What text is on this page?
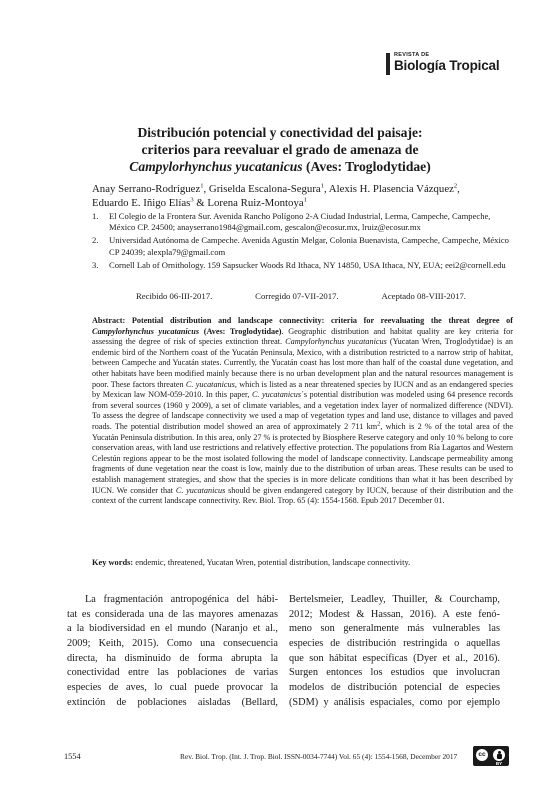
REVISTA DE
Biología Tropical
Distribución potencial y conectividad del paisaje:
criterios para reevaluar el grado de amenaza de
Campylorhynchus yucatanicus (Aves: Troglodytidae)
Anay Serrano-Rodríguez$^1$, Griselda Escalona-Segura$^1$, Alexis H. Plasencia Vázquez$^2$,
Eduardo E. Iñigo Elías$^3$ & Lorena Ruiz-Montoya$^1$
1. El Colegio de la Frontera Sur. Avenida Rancho Polígono 2-A Ciudad Industrial, Lerma, Campeche, Campeche, México CP. 24500; anayserrano1984@gmail.com, gescalon@ecosur.mx, lruiz@ecosur.mx
2. Universidad Autónoma de Campeche. Avenida Agustín Melgar, Colonia Buenavista, Campeche, Campeche, México CP 24039; alexpla79@gmail.com
3. Cornell Lab of Ornithology. 159 Sapsucker Woods Rd Ithaca, NY 14850, USA Ithaca, NY, EUA; eei2@cornell.edu
Recibido 06-III-2017.	Corregido 07-VII-2017.	Aceptado 08-VIII-2017.

Abstract: Potential distribution and landscape connectivity: criteria for reevaluating the threat degree of Campylorhynchus yucatanicus (Aves: Troglodytidae). Geographic distribution and habitat quality are key criteria for assessing the degree of risk of species extinction threat. Campylorhynchus yucatanicus (Yucatan Wren, Troglodytidae) is an endemic bird of the Northern coast of the Yucatán Peninsula, Mexico, with a distribution restricted to a narrow strip of habitat, between Campeche and Yucatán states. Currently, the Yucatán coast has lost more than half of the coastal dune vegetation, and other habitats have been modified mainly because there is no urban development plan and the natural resources management is poor. These factors threaten C. yucatanicus, which is listed as a near threatened species by IUCN and as an endangered species by Mexican law NOM-059-2010. In this paper, C. yucatanicus´s potential distribution was modeled using 64 presence records from several sources (1960 y 2009), a set of climate variables, and a vegetation index layer of normalized difference (NDVI). To assess the degree of landscape connectivity we used a map of vegetation types and land use, distance to villages and paved roads. The potential distribution model showed an area of approximately 2 711 $km^2$, which is 2 % of the total area of the Yucatán Peninsula distribution. In this area, only 27 % is protected by Biosphere Reserve category and only 10 % belong to core conservation areas, with land use restrictions and relatively effective protection. The populations from Ría Lagartos and Western Celestún regions appear to be the most isolated following the model of landscape connectivity. Landscape permeability among fragments of dune vegetation near the coast is low, mainly due to the distribution of urban areas. These results can be used to establish management strategies, and show that the species is in more delicate conditions than what it has been described by IUCN. We consider that C. yucatanicus should be given endangered category by IUCN, because of their distribution and the context of the current landscape connectivity. Rev. Biol. Trop. 65 (4): 1554-1568. Epub 2017 December 01.

Key words: endemic, threatened, Yucatan Wren, potential distribution, landscape connectivity.
La fragmentación antropogénica del hábi-
tat es considerada una de las mayores amenazas
a la biodiversidad en el mundo (Naranjo et al.,
2009; Keith, 2015). Como una consecuencia
directa, ha disminuido de forma abrupta la
conectividad entre las poblaciones de varias
especies de aves, lo cual puede provocar la
extinción de poblaciones aisladas (Bellard,
Bertelsmeier, Leadley, Thuiller, & Courchamp,
2012; Modest & Hassan, 2016). A este fenó-
meno son generalmente más vulnerables las
especies de distribución restringida o aquellas
que son hábitat específicas (Dyer et al., 2016).
Surgen entonces los estudios que involucran
modelos de distribución potencial de especies
(SDM) y análisis espaciales, como por ejemplo
1554	Rev. Biol. Trop. (Int. J. Trop. Biol. ISSN-0034-7744) Vol. 65 (4): 1554-1568, December 2017	cc
BY
